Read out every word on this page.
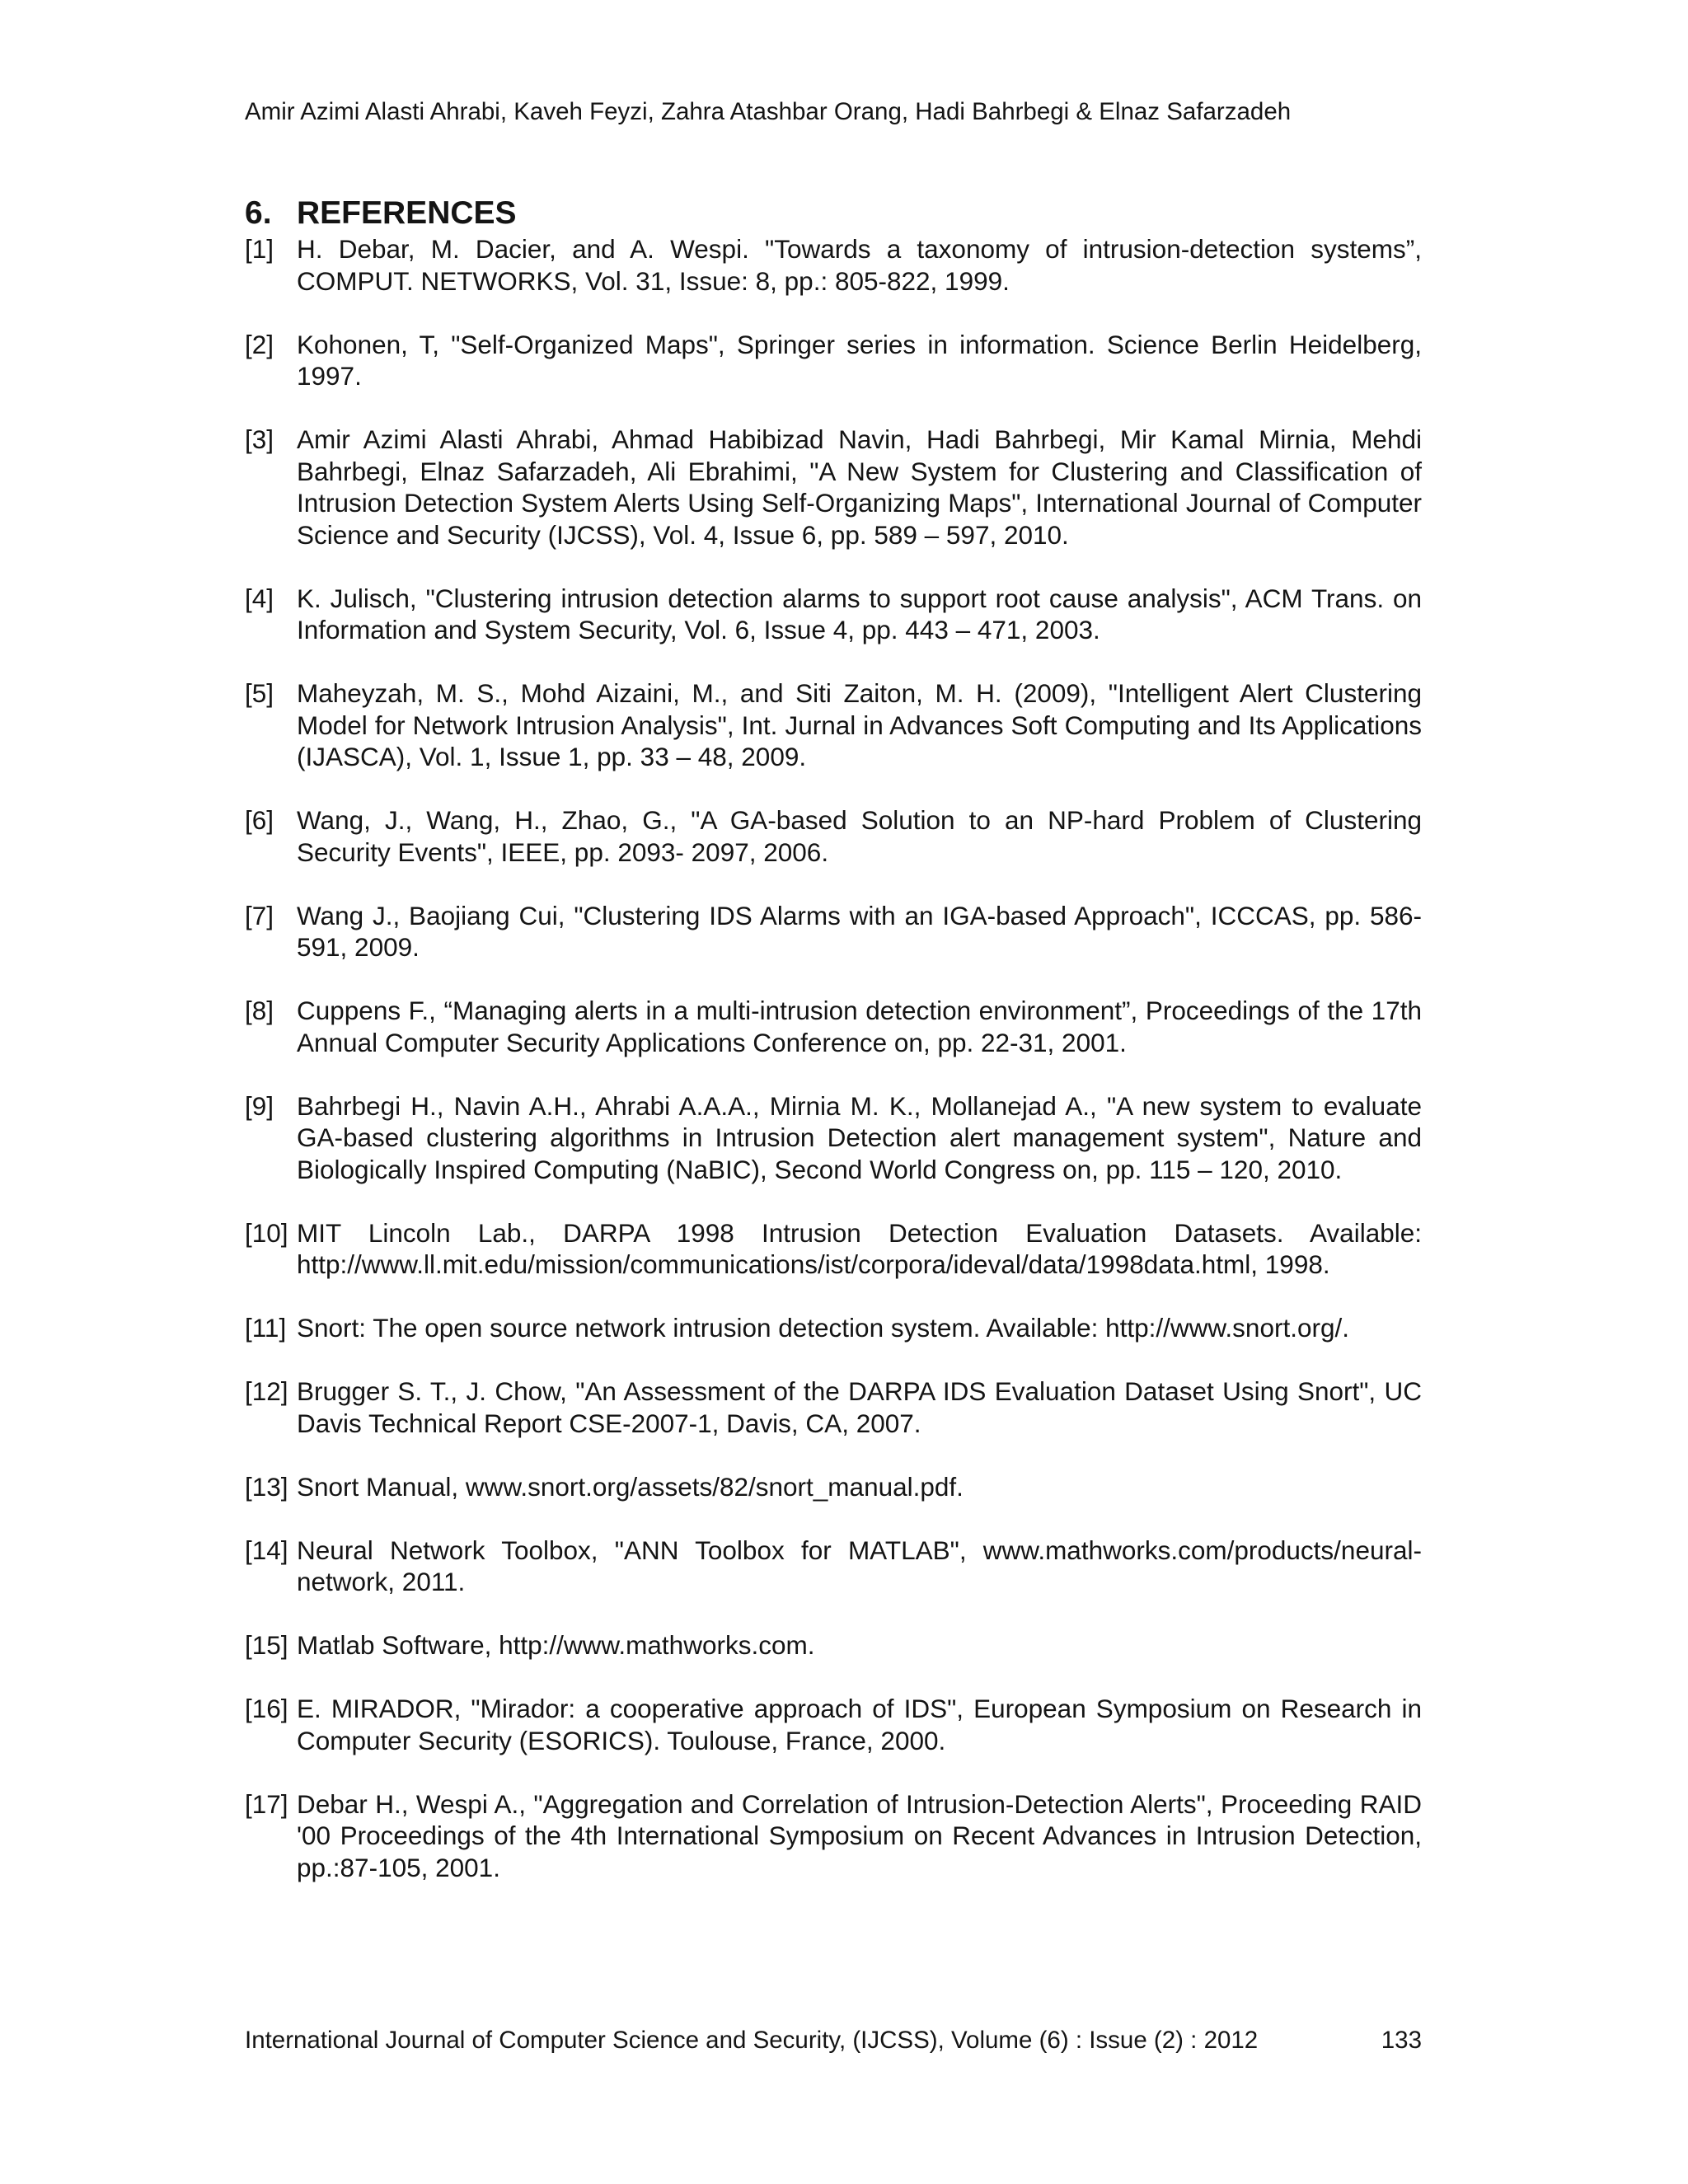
Amir Azimi Alasti Ahrabi, Kaveh Feyzi, Zahra Atashbar Orang, Hadi Bahrbegi & Elnaz Safarzadeh
6. REFERENCES
[1] H. Debar, M. Dacier, and A. Wespi. "Towards a taxonomy of intrusion-detection systems”, COMPUT. NETWORKS, Vol. 31, Issue: 8, pp.: 805-822, 1999.
[2] Kohonen, T, "Self-Organized Maps", Springer series in information. Science Berlin Heidelberg, 1997.
[3] Amir Azimi Alasti Ahrabi, Ahmad Habibizad Navin, Hadi Bahrbegi, Mir Kamal Mirnia, Mehdi Bahrbegi, Elnaz Safarzadeh, Ali Ebrahimi, "A New System for Clustering and Classification of Intrusion Detection System Alerts Using Self-Organizing Maps", International Journal of Computer Science and Security (IJCSS), Vol. 4, Issue 6, pp. 589 – 597, 2010.
[4] K. Julisch, "Clustering intrusion detection alarms to support root cause analysis", ACM Trans. on Information and System Security, Vol. 6, Issue 4, pp. 443 – 471, 2003.
[5] Maheyzah, M. S., Mohd Aizaini, M., and Siti Zaiton, M. H. (2009), "Intelligent Alert Clustering Model for Network Intrusion Analysis", Int. Jurnal in Advances Soft Computing and Its Applications (IJASCA), Vol. 1, Issue 1, pp. 33 – 48, 2009.
[6] Wang, J., Wang, H., Zhao, G., "A GA-based Solution to an NP-hard Problem of Clustering Security Events", IEEE, pp. 2093- 2097, 2006.
[7] Wang J., Baojiang Cui, "Clustering IDS Alarms with an IGA-based Approach", ICCCAS, pp. 586-591, 2009.
[8] Cuppens F., “Managing alerts in a multi-intrusion detection environment”, Proceedings of the 17th Annual Computer Security Applications Conference on, pp. 22-31, 2001.
[9] Bahrbegi H., Navin A.H., Ahrabi A.A.A., Mirnia M. K., Mollanejad A., "A new system to evaluate GA-based clustering algorithms in Intrusion Detection alert management system", Nature and Biologically Inspired Computing (NaBIC), Second World Congress on, pp. 115 – 120, 2010.
[10] MIT Lincoln Lab., DARPA 1998 Intrusion Detection Evaluation Datasets. Available: http://www.ll.mit.edu/mission/communications/ist/corpora/ideval/data/1998data.html, 1998.
[11] Snort: The open source network intrusion detection system. Available: http://www.snort.org/.
[12] Brugger S. T., J. Chow, "An Assessment of the DARPA IDS Evaluation Dataset Using Snort", UC Davis Technical Report CSE-2007-1, Davis, CA, 2007.
[13] Snort Manual, www.snort.org/assets/82/snort_manual.pdf.
[14] Neural Network Toolbox, "ANN Toolbox for MATLAB", www.mathworks.com/products/neural-network, 2011.
[15] Matlab Software, http://www.mathworks.com.
[16] E. MIRADOR, "Mirador: a cooperative approach of IDS", European Symposium on Research in Computer Security (ESORICS). Toulouse, France, 2000.
[17] Debar H., Wespi A., "Aggregation and Correlation of Intrusion-Detection Alerts", Proceeding RAID '00 Proceedings of the 4th International Symposium on Recent Advances in Intrusion Detection, pp.:87-105, 2001.
International Journal of Computer Science and Security, (IJCSS), Volume (6) : Issue (2) : 2012	133
